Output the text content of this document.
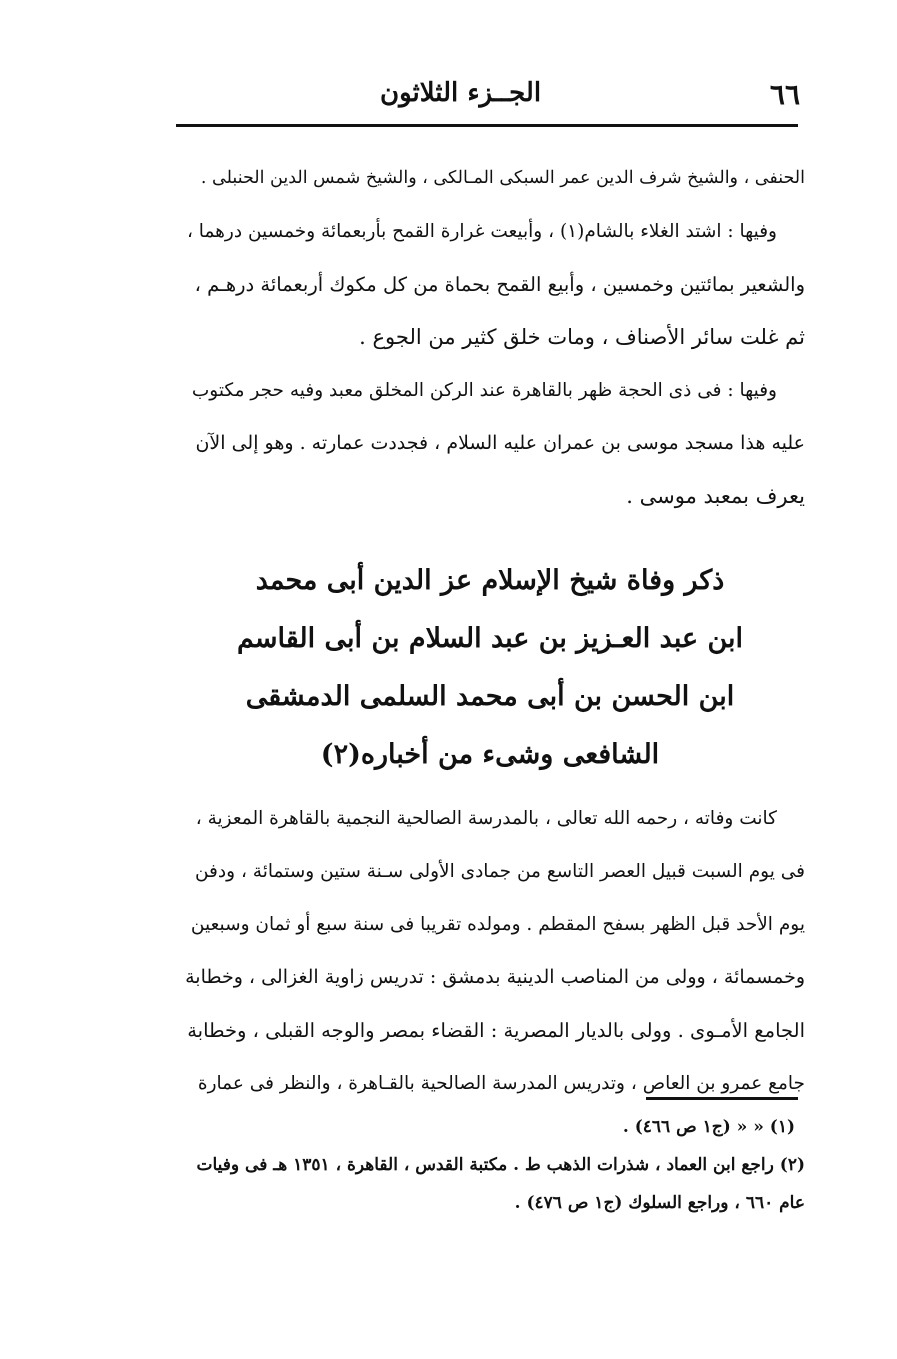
٦٦
الجــزء الثلاثون
الحنفى ، والشيخ شرف الدين عمر السبكى المـالكى ، والشيخ شمس الدين الحنبلى .
وفيها : اشتد الغلاء بالشام(١) ، وأبيعت غرارة القمح بأربعمائة وخمسين درهما ،
والشعير بمائتين وخمسين ، وأبيع القمح بحماة من كل مكوك أربعمائة درهـم ،
ثم غلت سائر الأصناف ، ومات خلق كثير من الجوع .
وفيها : فى ذى الحجة ظهر بالقاهرة عند الركن المخلق معبد وفيه حجر مكتوب
عليه هذا مسجد موسى بن عمران عليه السلام ، فجددت عمارته . وهو إلى الآن
يعرف بمعبد موسى .
ذكر وفاة شيخ الإسلام عز الدين أبى محمد
ابن عبد العـزيز بن عبد السلام بن أبى القاسم
ابن الحسن بن أبى محمد السلمى الدمشقى
الشافعى وشىء من أخباره(٢)
كانت وفاته ، رحمه الله تعالى ، بالمدرسة الصالحية النجمية بالقاهرة المعزية ،
فى يوم السبت قبيل العصر التاسع من جمادى الأولى سـنة ستين وستمائة ، ودفن
يوم الأحد قبل الظهر بسفح المقطم . ومولده تقريبا فى سنة سبع أو ثمان وسبعين
وخمسمائة ، وولى من المناصب الدينية بدمشق : تدريس زاوية الغزالى ، وخطابة
الجامع الأمـوى . وولى بالديار المصرية : القضاء بمصر والوجه القبلى ، وخطابة
جامع عمرو بن العاص ، وتدريس المدرسة الصالحية بالقـاهرة ، والنظر فى عمارة
(١) « « (ج١ ص ٤٦٦) .
(٢) راجع ابن العماد ، شذرات الذهب ط . مكتبة القدس ، القاهرة ، ١٣٥١ هـ فى وفيات
عام ٦٦٠ ، وراجع السلوك (ج١ ص ٤٧٦) .
